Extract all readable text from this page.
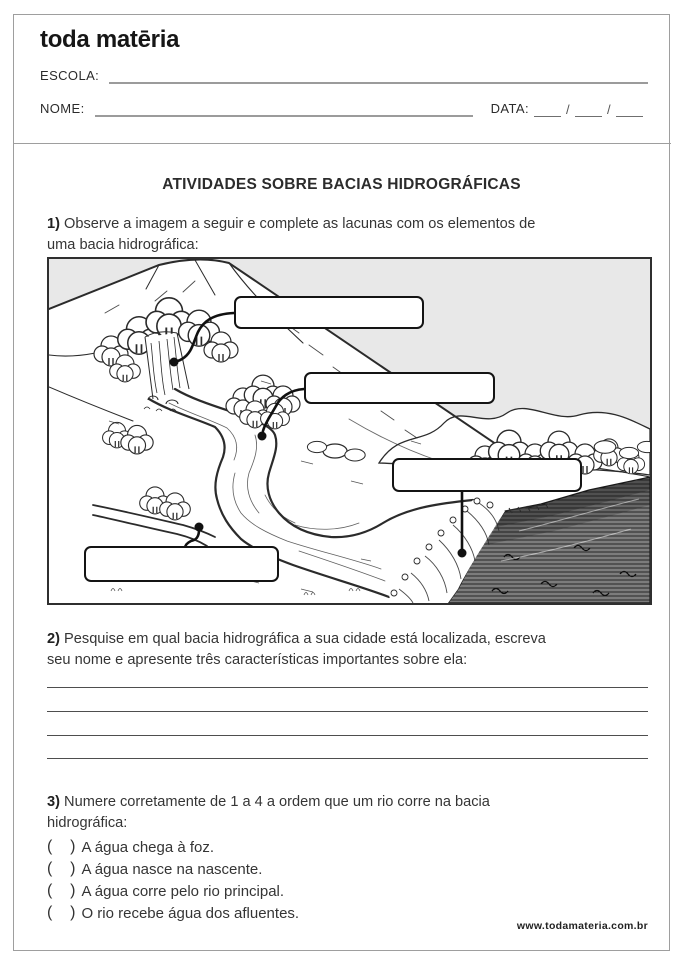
toda matēria
ESCOLA:
NOME:	DATA:	/	/
ATIVIDADES SOBRE BACIAS HIDROGRÁFICAS
1) Observe a imagem a seguir e complete as lacunas com os elementos de
uma bacia hidrográfica:
2) Pesquise em qual bacia hidrográfica a sua cidade está localizada, escreva
seu nome e apresente três características importantes sobre ela:
3) Numere corretamente de 1 a 4 a ordem que um rio corre na bacia
hidrográfica:
(    ) A água chega à foz.
(    ) A água nasce na nascente.
(    ) A água corre pelo rio principal.
(    ) O rio recebe água dos afluentes.
www.todamateria.com.br
